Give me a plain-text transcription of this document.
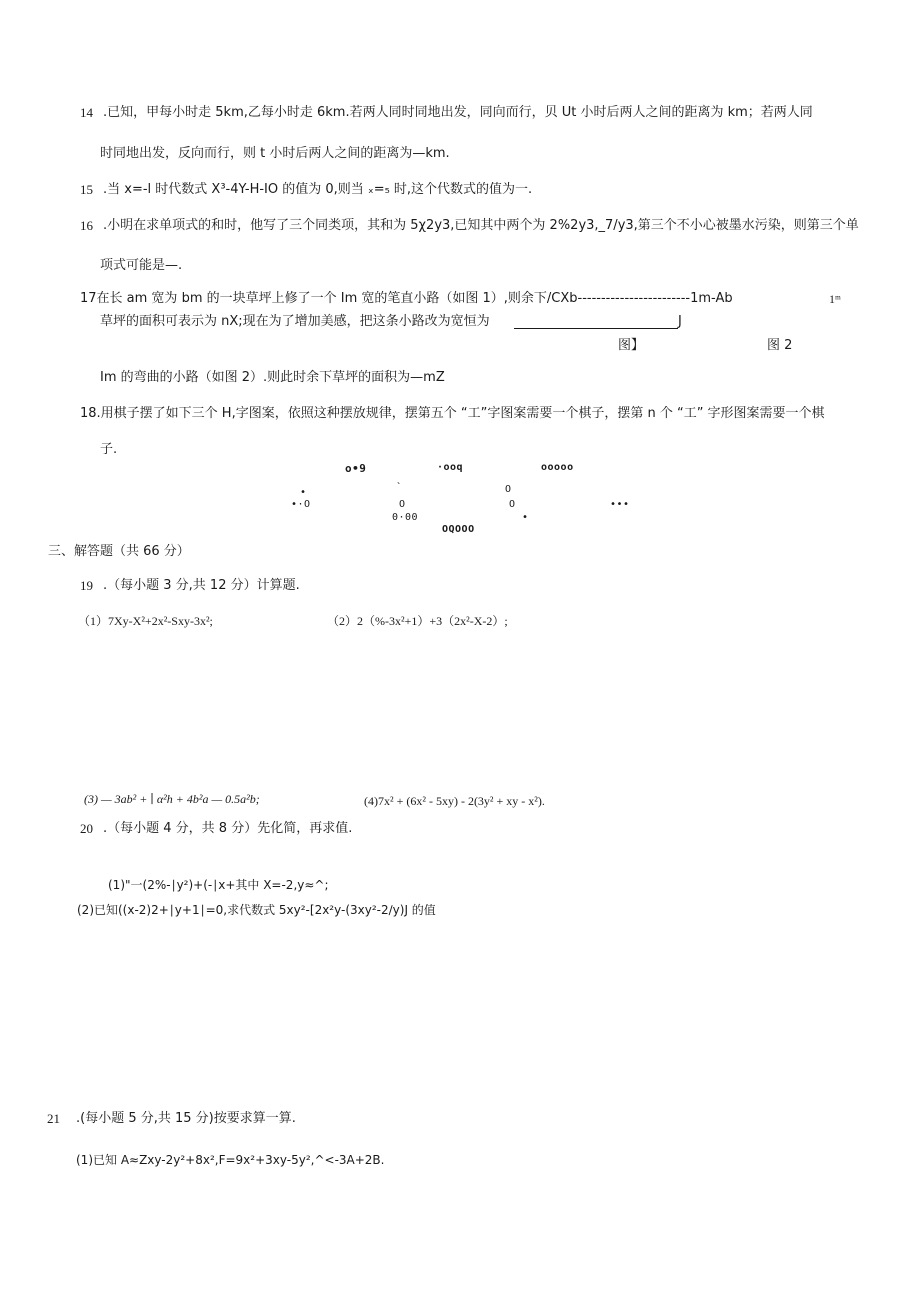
14 .已知，甲每小时走 5km,乙每小时走 6km.若两人同时同地出发，同向而行，贝 Ut 小时后两人之间的距离为 km；若两人同
时同地出发，反向而行，则 t 小时后两人之间的距离为—km.
15 .当 x=-l 时代数式 X³-4Y-H-IO 的值为 0,则当 ₓ=₅ 时,这个代数式的值为一.
16 .小明在求单项式的和时，他写了三个同类项，其和为 5χ2y3,已知其中两个为 2%2y3,_7/y3,第三个不小心被墨水污染，则第三个单
项式可能是—.
17在长 am 宽为 bm 的一块草坪上修了一个 Im 宽的笔直小路（如图 1）,则余下/CXb------------------------1m-Ab	1ᵐ
草坪的面积可表示为 nX;现在为了增加美感，把这条小路改为宽恒为	J
图】	图 2
Im 的弯曲的小路（如图 2）.则此时余下草坪的面积为—mZ
18.用棋子摆了如下三个 H,字图案，依照这种摆放规律，摆第五个 “工”字图案需要一个棋子，摆第 n 个 “工” 字形图案需要一个棋
子.
o•9	·ooq	ooooo
•	`	O
•·O	O	O	•••
0·00	•
OQOOO
三、解答题（共 66 分）
19 .（每小题 3 分,共 12 分）计算题.
（1）7Xy-X²+2x²-Sxy-3x²;	（2）2（%-3x²+1）+3（2x²-X-2）;
(3) — 3ab² + ∣ α²h + 4b²a — 0.5a²b;	(4)7x² + (6x² - 5xy) - 2(3y² + xy - x²).
20 .（每小题 4 分，共 8 分）先化简，再求值.
(1)"一(2%-∣y²)+(-∣x+其中 X=-2,y≈^;
(2)已知((x-2)2+∣y+1∣=0,求代数式 5xy²-[2x²y-(3xy²-2∕y)J 的值
21 .(每小题 5 分,共 15 分)按要求算一算.
(1)已知 A≈Zxy-2y²+8x²,F=9x²+3xy-5y²,^<-3A+2B.
